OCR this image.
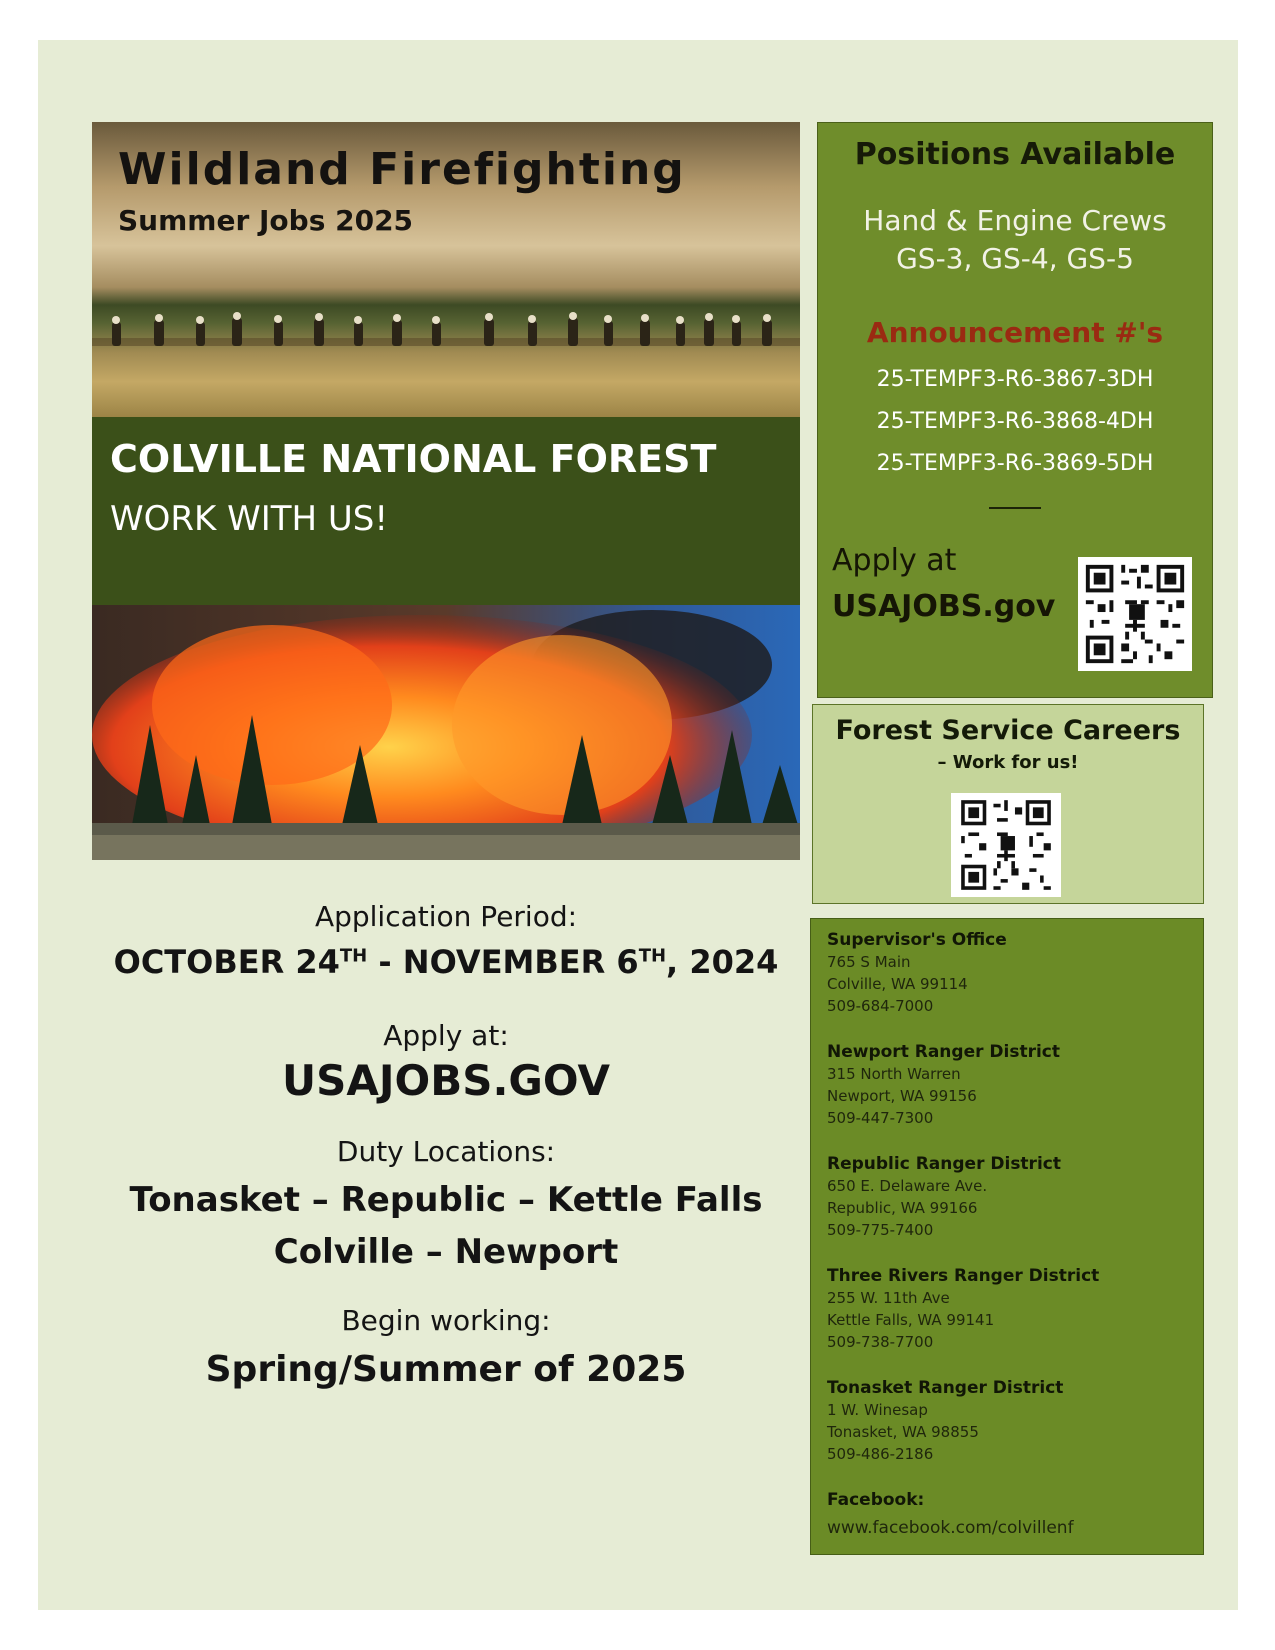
Wildland Firefighting
Summer Jobs 2025

COLVILLE NATIONAL FOREST

WORK WITH US!

Application Period:

OCTOBER 24TH - NOVEMBER 6TH, 2024

Apply at:

USAJOBS.GOV

Duty Locations:

Tonasket – Republic – Kettle Falls

Colville – Newport

Begin working:

Spring/Summer of 2025

Positions Available

Hand & Engine Crews

GS-3, GS-4, GS-5

Announcement #'s

25-TEMPF3-R6-3867-3DH

25-TEMPF3-R6-3868-4DH

25-TEMPF3-R6-3869-5DH

Apply at

USAJOBS.gov

Forest Service Careers

– Work for us!

Supervisor's Office

765 S Main

Colville, WA 99114

509-684-7000

Newport Ranger District

315 North Warren

Newport, WA 99156

509-447-7300

Republic Ranger District

650 E. Delaware Ave.

Republic, WA 99166

509-775-7400

Three Rivers Ranger District

255 W. 11th Ave

Kettle Falls, WA 99141

509-738-7700

Tonasket Ranger District

1 W. Winesap

Tonasket, WA 98855

509-486-2186

Facebook:

www.facebook.com/colvillenf
